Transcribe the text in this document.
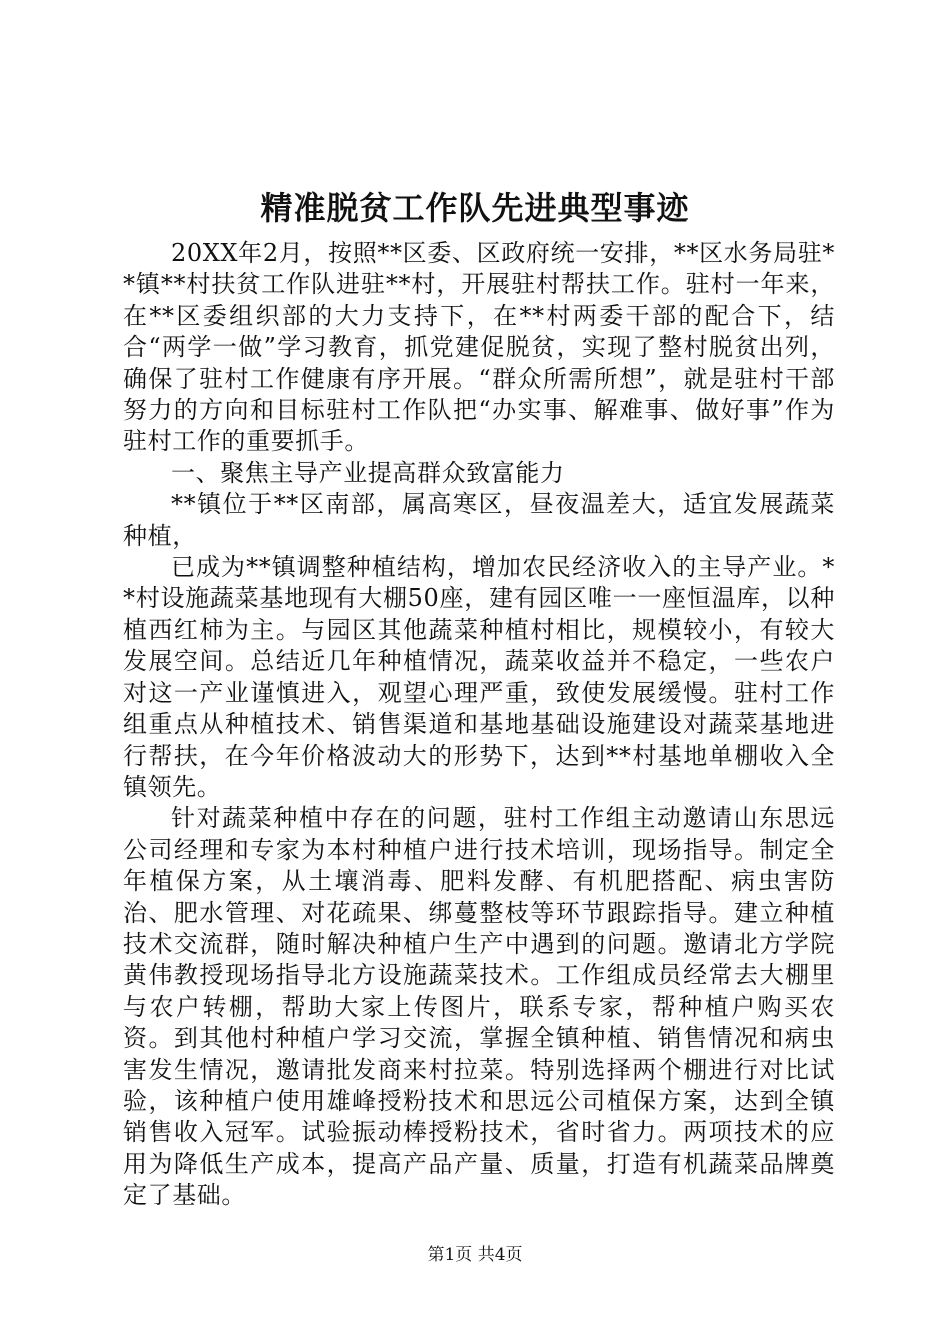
精准脱贫工作队先进典型事迹

20XX年2月，按照**区委、区政府统一安排，**区水务局驻**镇**村扶贫工作队进驻**村，开展驻村帮扶工作。驻村一年来，在**区委组织部的大力支持下，在**村两委干部的配合下，结合“两学一做”学习教育，抓党建促脱贫，实现了整村脱贫出列，确保了驻村工作健康有序开展。“群众所需所想”，就是驻村干部努力的方向和目标驻村工作队把“办实事、解难事、做好事”作为驻村工作的重要抓手。

一、聚焦主导产业提高群众致富能力

**镇位于**区南部，属高寒区，昼夜温差大，适宜发展蔬菜种植，

已成为**镇调整种植结构，增加农民经济收入的主导产业。**村设施蔬菜基地现有大棚50座，建有园区唯一一座恒温库，以种植西红柿为主。与园区其他蔬菜种植村相比，规模较小，有较大发展空间。总结近几年种植情况，蔬菜收益并不稳定，一些农户对这一产业谨慎进入，观望心理严重，致使发展缓慢。驻村工作组重点从种植技术、销售渠道和基地基础设施建设对蔬菜基地进行帮扶，在今年价格波动大的形势下，达到**村基地单棚收入全镇领先。

针对蔬菜种植中存在的问题，驻村工作组主动邀请山东思远公司经理和专家为本村种植户进行技术培训，现场指导。制定全年植保方案，从土壤消毒、肥料发酵、有机肥搭配、病虫害防治、肥水管理、对花疏果、绑蔓整枝等环节跟踪指导。建立种植技术交流群，随时解决种植户生产中遇到的问题。邀请北方学院黄伟教授现场指导北方设施蔬菜技术。工作组成员经常去大棚里与农户转棚，帮助大家上传图片，联系专家，帮种植户购买农资。到其他村种植户学习交流，掌握全镇种植、销售情况和病虫害发生情况，邀请批发商来村拉菜。特别选择两个棚进行对比试验，该种植户使用雄峰授粉技术和思远公司植保方案，达到全镇销售收入冠军。试验振动棒授粉技术，省时省力。两项技术的应用为降低生产成本，提高产品产量、质量，打造有机蔬菜品牌奠定了基础。

第1页 共4页
